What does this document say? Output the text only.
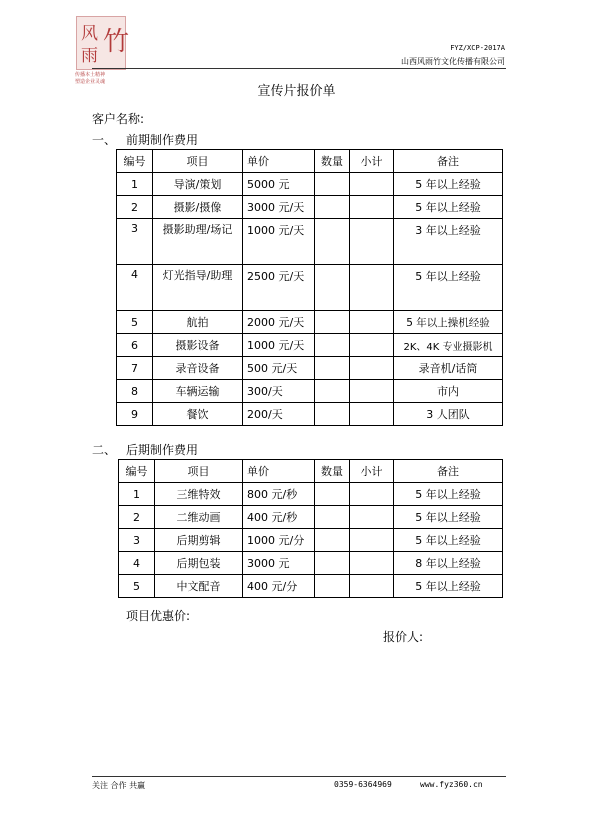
风
雨 竹
传播本土精神
塑造企业灵魂
FYZ/XCP-2017A
山西风雨竹文化传播有限公司
宣传片报价单
客户名称:
一、 前期制作费用
编号	项目	单价	数量	小计	备注
1	导演/策划	5000 元			5 年以上经验
2	摄影/摄像	3000 元/天			5 年以上经验
3	摄影助理/场记	1000 元/天			3 年以上经验
4	灯光指导/助理	2500 元/天			5 年以上经验
5	航拍	2000 元/天			5 年以上操机经验
6	摄影设备	1000 元/天			2K、4K 专业摄影机
7	录音设备	500 元/天			录音机/话筒
8	车辆运输	300/天			市内
9	餐饮	200/天			3 人团队
二、 后期制作费用
编号	项目	单价	数量	小计	备注
1	三维特效	800 元/秒			5 年以上经验
2	二维动画	400 元/秒			5 年以上经验
3	后期剪辑	1000 元/分			5 年以上经验
4	后期包装	3000 元			8 年以上经验
5	中文配音	400 元/分			5 年以上经验
项目优惠价:
报价人:
关注 合作 共赢	0359-6364969	www.fyz360.cn
